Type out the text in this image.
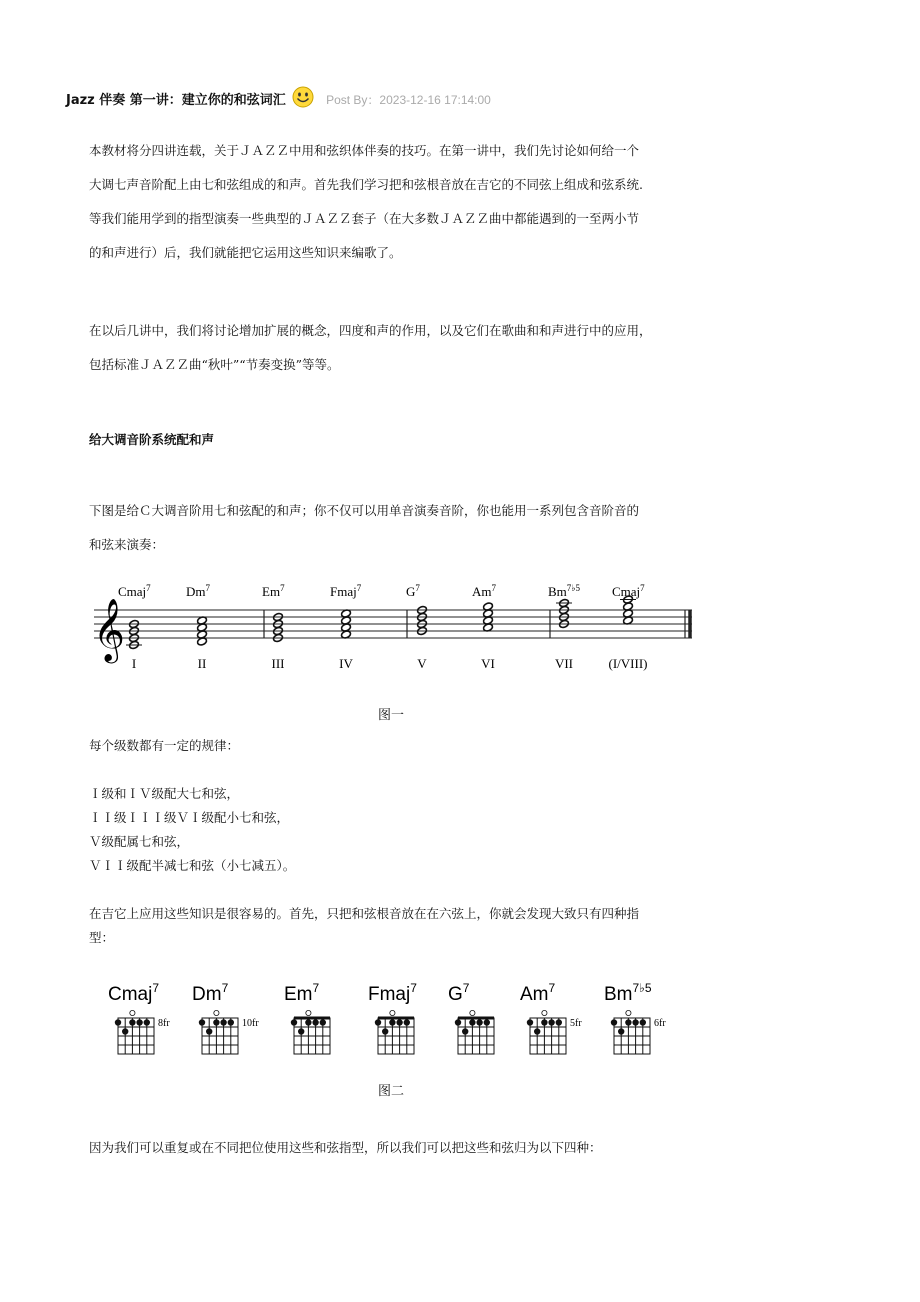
Jazz 伴奏 第一讲：建立你的和弦词汇	Post By：2023-12-16 17:14:00
本教材将分四讲连载，关于ＪＡＺＺ中用和弦织体伴奏的技巧。在第一讲中，我们先讨论如何给一个
大调七声音阶配上由七和弦组成的和声。首先我们学习把和弦根音放在吉它的不同弦上组成和弦系统.
等我们能用学到的指型演奏一些典型的ＪＡＺＺ套子（在大多数ＪＡＺＺ曲中都能遇到的一至两小节
的和声进行）后，我们就能把它运用这些知识来编歌了。
在以后几讲中，我们将讨论增加扩展的概念，四度和声的作用，以及它们在歌曲和和声进行中的应用，
包括标准ＪＡＺＺ曲“秋叶”“节奏变换”等等。
给大调音阶系统配和声
下图是给Ｃ大调音阶用七和弦配的和声；你不仅可以用单音演奏音阶，你也能用一系列包含音阶音的
和弦来演奏：
𝄞
Cmaj$^7$	Dm$^7$	Em$^7$	Fmaj$^7$	$G^7$	Am$^7$	$Bm^{7♭5}$ Cmaj$^7$
I	II	III	IV	V	VI	VII	(I/VIII)
图一
每个级数都有一定的规律：
Ｉ级和ＩＶ级配大七和弦，
ＩＩ级ＩＩＩ级ＶＩ级配小七和弦，
Ｖ级配属七和弦，
ＶＩＩ级配半减七和弦（小七减五）。
在吉它上应用这些知识是很容易的。首先，只把和弦根音放在在六弦上，你就会发现大致只有四种指
型：
Cmaj$^7$
8fr
Dm$^7$
10fr
Em$^7$	Fmaj$^7$ $G^7$	Am$^7$
5fr
$Bm^{7♭5}$
6fr
图二
因为我们可以重复或在不同把位使用这些和弦指型，所以我们可以把这些和弦归为以下四种：
